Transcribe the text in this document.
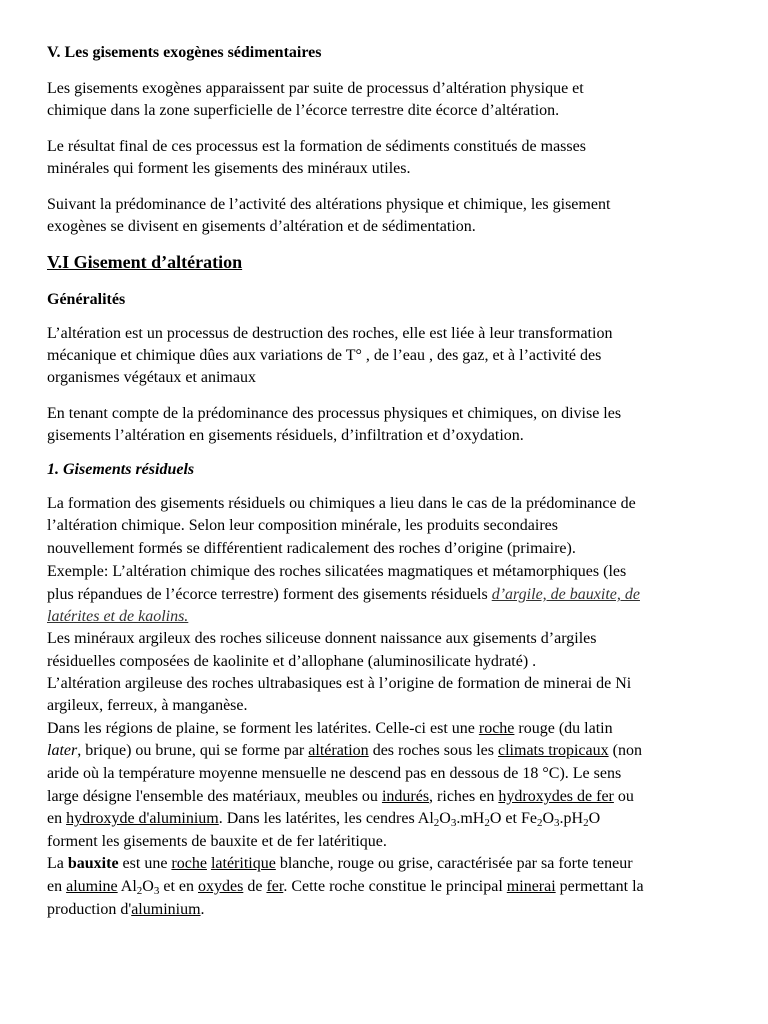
V. Les gisements exogènes sédimentaires
Les gisements exogènes apparaissent par suite de processus d’altération physique et
chimique dans la zone superficielle de l’écorce terrestre dite écorce d’altération.
Le résultat final de ces processus est la formation de sédiments constitués de masses
minérales qui forment les gisements des minéraux utiles.
Suivant la prédominance de l’activité des altérations physique et chimique, les gisement
exogènes se divisent en gisements d’altération et de sédimentation.
V.I Gisement d’altération
Généralités
L’altération est un processus de destruction des roches, elle est liée à leur transformation
mécanique et chimique dûes aux variations de T° , de l’eau , des gaz, et à l’activité des
organismes végétaux et animaux
En tenant compte de la prédominance des processus physiques et chimiques, on divise les
gisements l’altération en gisements résiduels, d’infiltration et d’oxydation.
1. Gisements résiduels
La formation des gisements résiduels ou chimiques a lieu dans le cas de la prédominance de
l’altération chimique. Selon leur composition minérale, les produits secondaires
nouvellement formés se différentient radicalement des roches d’origine (primaire).
Exemple: L’altération chimique des roches silicatées magmatiques et métamorphiques (les
plus répandues de l’écorce terrestre) forment des gisements résiduels d’argile, de bauxite, de
latérites et de kaolins.
Les minéraux argileux des roches siliceuse donnent naissance aux gisements d’argiles
résiduelles composées de kaolinite et d’allophane (aluminosilicate hydraté) .
L’altération argileuse des roches ultrabasiques est à l’origine de formation de minerai de Ni
argileux, ferreux, à manganèse.
Dans les régions de plaine, se forment les latérites. Celle-ci est une roche rouge (du latin
later, brique) ou brune, qui se forme par altération des roches sous les climats tropicaux (non
aride où la température moyenne mensuelle ne descend pas en dessous de 18 °C). Le sens
large désigne l'ensemble des matériaux, meubles ou indurés, riches en hydroxydes de fer ou
en hydroxyde d'aluminium. Dans les latérites, les cendres $Al_2O_3.mH_2O$ et $Fe_2O_3.pH_2O$
forment les gisements de bauxite et de fer latéritique.
La bauxite est une roche latéritique blanche, rouge ou grise, caractérisée par sa forte teneur
en alumine $Al_2O_3$ et en oxydes de fer. Cette roche constitue le principal minerai permettant la
production d'aluminium.
